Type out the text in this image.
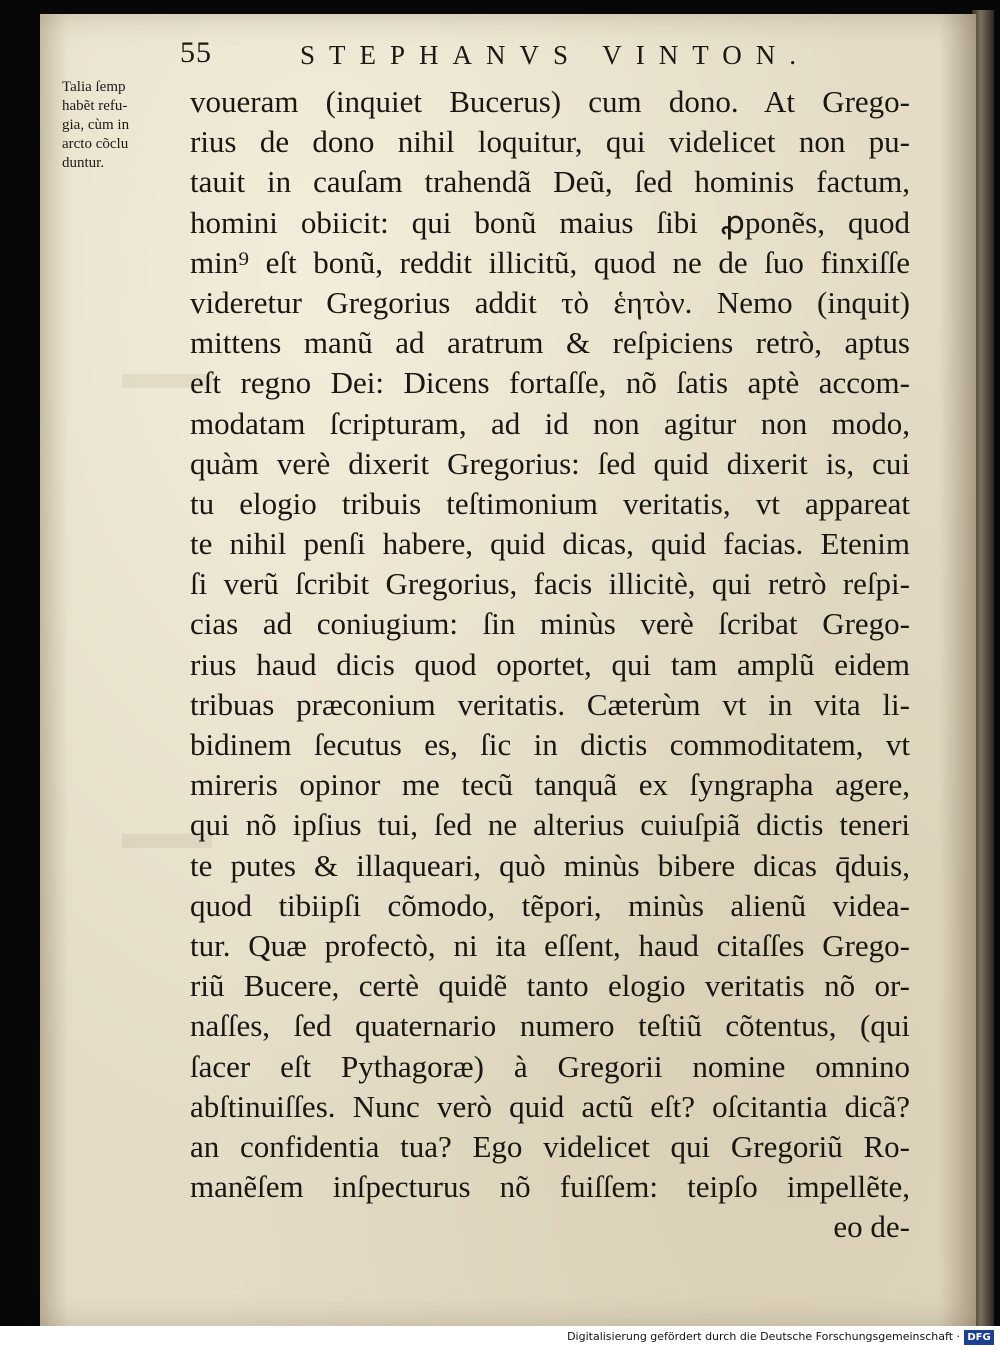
55	STEPHANVS VINTON.
Talia ſemp
habẽt refu-
gia, cùm in
arcto cõclu
duntur.
voueram (inquiet Bucerus) cum dono. At Grego-
rius de dono nihil loquitur, qui videlicet non pu-
tauit in cauſam trahendã Deũ, ſed hominis factum,
homini obiicit: qui bonũ maius ſibi ꝓponẽs, quod
min⁹ eſt bonũ, reddit illicitũ, quod ne de ſuo finxiſſe
videretur Gregorius addit τὸ ἑητὸν. Nemo (inquit)
mittens manũ ad aratrum & reſpiciens retrò, aptus
eſt regno Dei: Dicens fortaſſe, nõ ſatis aptè accom-
modatam ſcripturam, ad id non agitur non modo,
quàm verè dixerit Gregorius: ſed quid dixerit is, cui
tu elogio tribuis teſtimonium veritatis, vt appareat
te nihil penſi habere, quid dicas, quid facias. Etenim
ſi verũ ſcribit Gregorius, facis illicitè, qui retrò reſpi-
cias ad coniugium: ſin minùs verè ſcribat Grego-
rius haud dicis quod oportet, qui tam amplũ eidem
tribuas præconium veritatis. Cæterùm vt in vita li-
bidinem ſecutus es, ſic in dictis commoditatem, vt
mireris opinor me tecũ tanquã ex ſyngrapha agere,
qui nõ ipſius tui, ſed ne alterius cuiuſpiã dictis teneri
te putes & illaqueari, quò minùs bibere dicas q̄duis,
quod tibiipſi cõmodo, tẽpori, minùs alienũ videa-
tur. Quæ profectò, ni ita eſſent, haud citaſſes Grego-
riũ Bucere, certè quidẽ tanto elogio veritatis nõ or-
naſſes, ſed quaternario numero teſtiũ cõtentus, (qui
ſacer eſt Pythagoræ) à Gregorii nomine omnino
abſtinuiſſes. Nunc verò quid actũ eſt? oſcitantia dicã?
an confidentia tua? Ego videlicet qui Gregoriũ Ro-
manẽſem inſpecturus nõ fuiſſem: teipſo impellẽte,
eo de-
Digitalisierung gefördert durch die Deutsche Forschungsgemeinschaft · DFG
